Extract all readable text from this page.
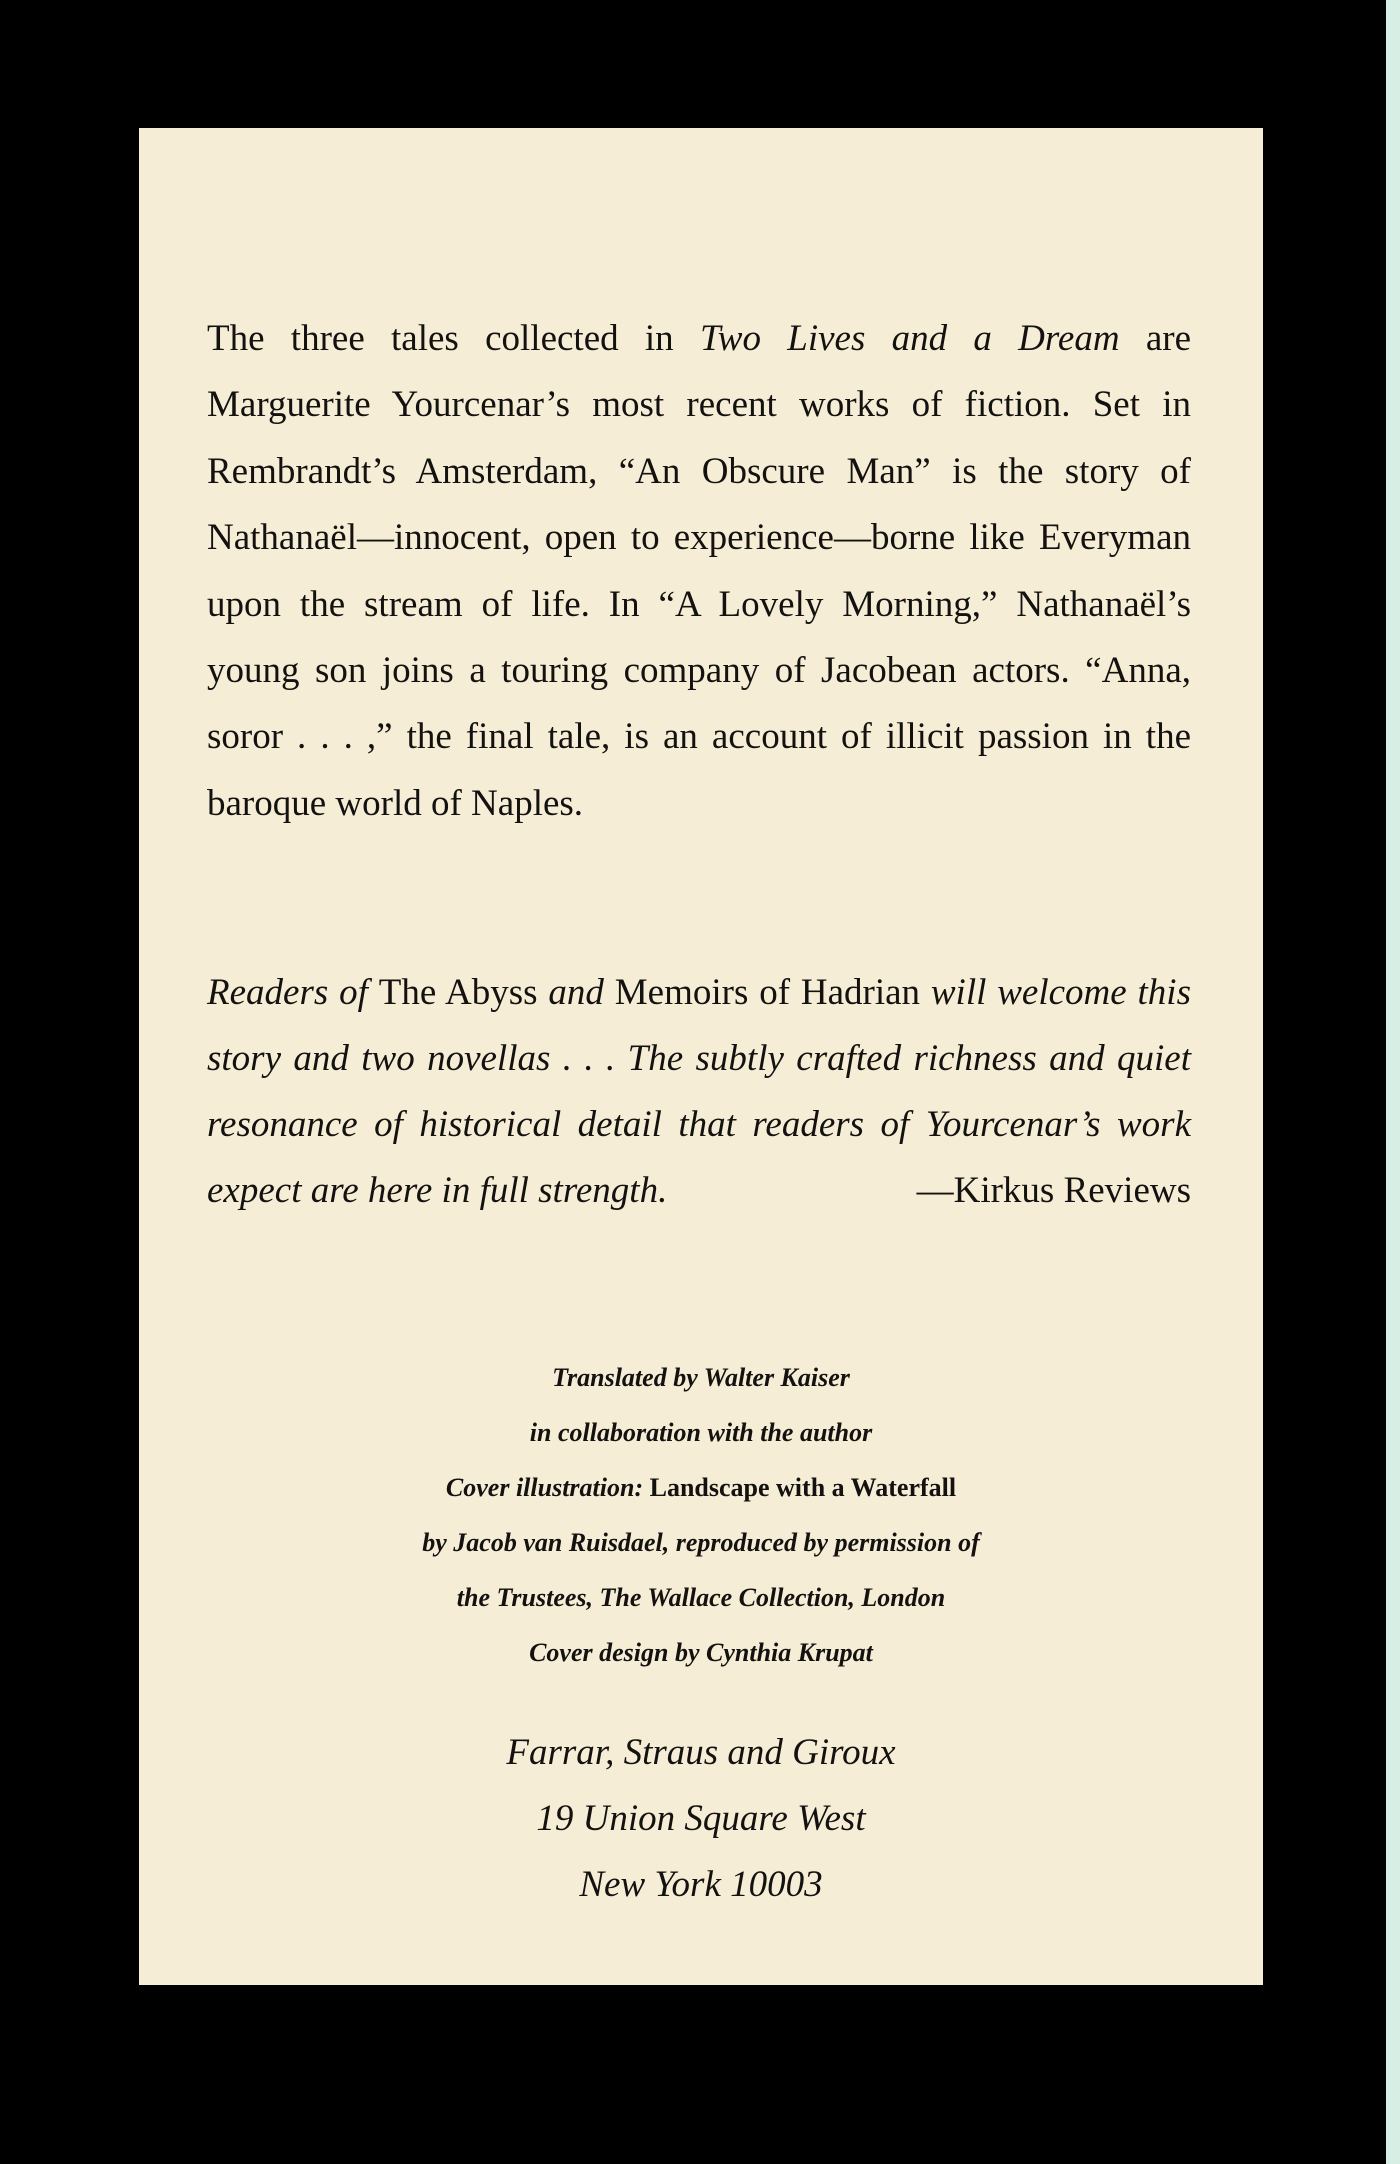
The three tales collected in Two Lives and a Dream are Marguerite Yourcenar’s most recent works of fiction. Set in Rembrandt’s Amsterdam, “An Obscure Man” is the story of Nathanaël—innocent, open to experience—borne like Everyman upon the stream of life. In “A Lovely Morning,” Nathanaël’s young son joins a touring company of Jacobean actors. “Anna, soror . . . ,” the final tale, is an account of illicit passion in the baroque world of Naples.

Readers of The Abyss and Memoirs of Hadrian will welcome this story and two novellas . . . The subtly crafted richness and quiet resonance of historical detail that readers of Yourcenar’s work expect are here in full strength.	—Kirkus Reviews

Translated by Walter Kaiser
in collaboration with the author
Cover illustration: Landscape with a Waterfall
by Jacob van Ruisdael, reproduced by permission of
the Trustees, The Wallace Collection, London
Cover design by Cynthia Krupat
Farrar, Straus and Giroux
19 Union Square West
New York 10003
